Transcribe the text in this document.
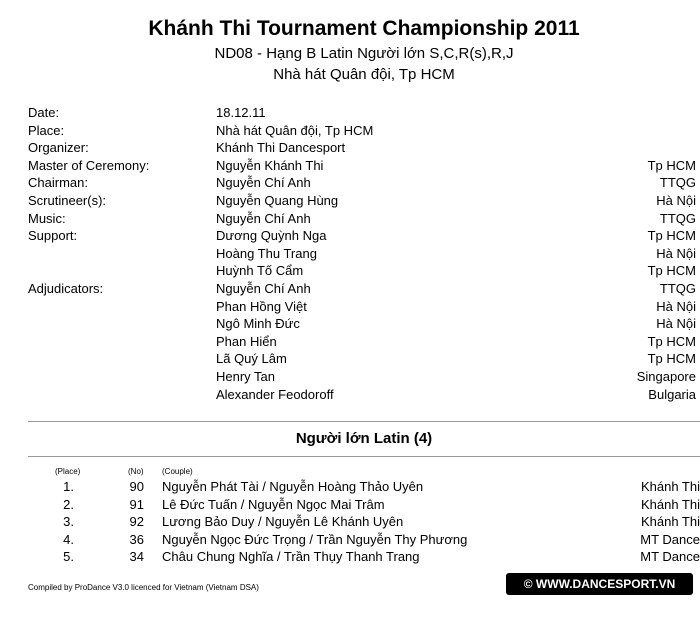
Khánh Thi Tournament Championship 2011
ND08 - Hạng B Latin Người lớn S,C,R(s),R,J
Nhà hát Quân đội, Tp HCM
Date:	18.12.11
Place:	Nhà hát Quân đội, Tp HCM
Organizer:	Khánh Thi Dancesport
Master of Ceremony:	Nguyễn Khánh Thi	Tp HCM
Chairman:	Nguyễn Chí Anh	TTQG
Scrutineer(s):	Nguyễn Quang Hùng	Hà Nội
Music:	Nguyễn Chí Anh	TTQG
Support:	Dương Quỳnh Nga	Tp HCM
Hoàng Thu Trang	Hà Nội
Huỳnh Tố Cẩm	Tp HCM
Adjudicators:	Nguyễn Chí Anh	TTQG
Phan Hồng Việt	Hà Nội
Ngô Minh Đức	Hà Nội
Phan Hiển	Tp HCM
Lã Quý Lâm	Tp HCM
Henry Tan	Singapore
Alexander Feodoroff	Bulgaria
Người lớn Latin (4)
(Place)	(No) (Couple)
1.	90 Nguyễn Phát Tài / Nguyễn Hoàng Thảo Uyên	Khánh Thi
2.	91 Lê Đức Tuấn / Nguyễn Ngọc Mai Trâm	Khánh Thi
3.	92 Lương Bảo Duy / Nguyễn Lê Khánh Uyên	Khánh Thi
4.	36 Nguyễn Ngọc Đức Trọng / Trần Nguyễn Thy Phương	MT Dance
5.	34 Châu Chung Nghĩa / Trần Thụy Thanh Trang	MT Dance
Compiled by ProDance V3.0 licenced for Vietnam (Vietnam DSA)	© WWW.DANCESPORT.VN
